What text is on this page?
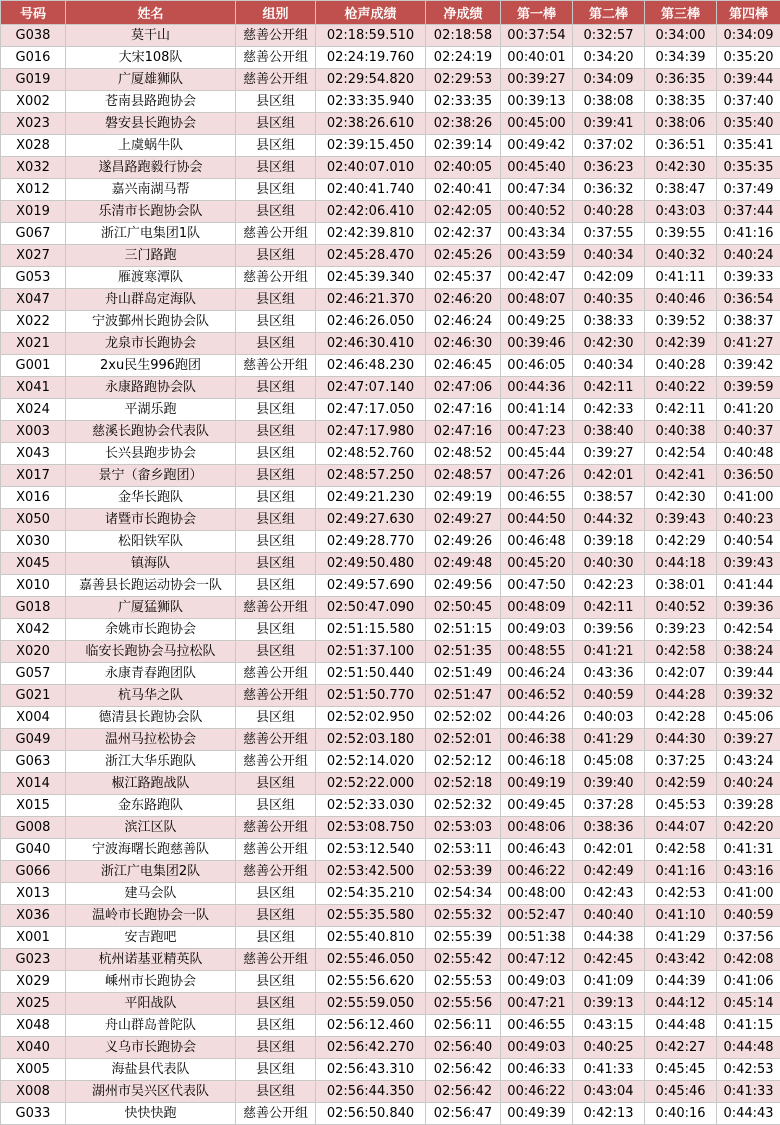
号码	姓名	组别	枪声成绩	净成绩	第一棒	第二棒	第三棒	第四棒
G038	莫干山	慈善公开组	02:18:59.510	02:18:58	00:37:54	0:32:57	0:34:00	0:34:09
G016	大宋108队	慈善公开组	02:24:19.760	02:24:19	00:40:01	0:34:20	0:34:39	0:35:20
G019	广厦雄狮队	慈善公开组	02:29:54.820	02:29:53	00:39:27	0:34:09	0:36:35	0:39:44
X002	苍南县路跑协会	县区组	02:33:35.940	02:33:35	00:39:13	0:38:08	0:38:35	0:37:40
X023	磐安县长跑协会	县区组	02:38:26.610	02:38:26	00:45:00	0:39:41	0:38:06	0:35:40
X028	上虞蜗牛队	县区组	02:39:15.450	02:39:14	00:49:42	0:37:02	0:36:51	0:35:41
X032	遂昌路跑毅行协会	县区组	02:40:07.010	02:40:05	00:45:40	0:36:23	0:42:30	0:35:35
X012	嘉兴南湖马帮	县区组	02:40:41.740	02:40:41	00:47:34	0:36:32	0:38:47	0:37:49
X019	乐清市长跑协会队	县区组	02:42:06.410	02:42:05	00:40:52	0:40:28	0:43:03	0:37:44
G067	浙江广电集团1队	慈善公开组	02:42:39.810	02:42:37	00:43:34	0:37:55	0:39:55	0:41:16
X027	三门路跑	县区组	02:45:28.470	02:45:26	00:43:59	0:40:34	0:40:32	0:40:24
G053	雁渡寒潭队	慈善公开组	02:45:39.340	02:45:37	00:42:47	0:42:09	0:41:11	0:39:33
X047	舟山群岛定海队	县区组	02:46:21.370	02:46:20	00:48:07	0:40:35	0:40:46	0:36:54
X022	宁波鄞州长跑协会队	县区组	02:46:26.050	02:46:24	00:49:25	0:38:33	0:39:52	0:38:37
X021	龙泉市长跑协会	县区组	02:46:30.410	02:46:30	00:39:46	0:42:30	0:42:39	0:41:27
G001	2xu民生996跑团	慈善公开组	02:46:48.230	02:46:45	00:46:05	0:40:34	0:40:28	0:39:42
X041	永康路跑协会队	县区组	02:47:07.140	02:47:06	00:44:36	0:42:11	0:40:22	0:39:59
X024	平湖乐跑	县区组	02:47:17.050	02:47:16	00:41:14	0:42:33	0:42:11	0:41:20
X003	慈溪长跑协会代表队	县区组	02:47:17.980	02:47:16	00:47:23	0:38:40	0:40:38	0:40:37
X043	长兴县跑步协会	县区组	02:48:52.760	02:48:52	00:45:44	0:39:27	0:42:54	0:40:48
X017	景宁（畲乡跑团）	县区组	02:48:57.250	02:48:57	00:47:26	0:42:01	0:42:41	0:36:50
X016	金华长跑队	县区组	02:49:21.230	02:49:19	00:46:55	0:38:57	0:42:30	0:41:00
X050	诸暨市长跑协会	县区组	02:49:27.630	02:49:27	00:44:50	0:44:32	0:39:43	0:40:23
X030	松阳铁军队	县区组	02:49:28.770	02:49:26	00:46:48	0:39:18	0:42:29	0:40:54
X045	镇海队	县区组	02:49:50.480	02:49:48	00:45:20	0:40:30	0:44:18	0:39:43
X010	嘉善县长跑运动协会一队	县区组	02:49:57.690	02:49:56	00:47:50	0:42:23	0:38:01	0:41:44
G018	广厦猛狮队	慈善公开组	02:50:47.090	02:50:45	00:48:09	0:42:11	0:40:52	0:39:36
X042	余姚市长跑协会	县区组	02:51:15.580	02:51:15	00:49:03	0:39:56	0:39:23	0:42:54
X020	临安长跑协会马拉松队	县区组	02:51:37.100	02:51:35	00:48:55	0:41:21	0:42:58	0:38:24
G057	永康青春跑团队	慈善公开组	02:51:50.440	02:51:49	00:46:24	0:43:36	0:42:07	0:39:44
G021	杭马华之队	慈善公开组	02:51:50.770	02:51:47	00:46:52	0:40:59	0:44:28	0:39:32
X004	德清县长跑协会队	县区组	02:52:02.950	02:52:02	00:44:26	0:40:03	0:42:28	0:45:06
G049	温州马拉松协会	慈善公开组	02:52:03.180	02:52:01	00:46:38	0:41:29	0:44:30	0:39:27
G063	浙江大华乐跑队	慈善公开组	02:52:14.020	02:52:12	00:46:18	0:45:08	0:37:25	0:43:24
X014	椒江路跑战队	县区组	02:52:22.000	02:52:18	00:49:19	0:39:40	0:42:59	0:40:24
X015	金东路跑队	县区组	02:52:33.030	02:52:32	00:49:45	0:37:28	0:45:53	0:39:28
G008	滨江区队	慈善公开组	02:53:08.750	02:53:03	00:48:06	0:38:36	0:44:07	0:42:20
G040	宁波海曙长跑慈善队	慈善公开组	02:53:12.540	02:53:11	00:46:43	0:42:01	0:42:58	0:41:31
G066	浙江广电集团2队	慈善公开组	02:53:42.500	02:53:39	00:46:22	0:42:49	0:41:16	0:43:16
X013	建马会队	县区组	02:54:35.210	02:54:34	00:48:00	0:42:43	0:42:53	0:41:00
X036	温岭市长跑协会一队	县区组	02:55:35.580	02:55:32	00:52:47	0:40:40	0:41:10	0:40:59
X001	安吉跑吧	县区组	02:55:40.810	02:55:39	00:51:38	0:44:38	0:41:29	0:37:56
G023	杭州诺基亚精英队	慈善公开组	02:55:46.050	02:55:42	00:47:12	0:42:45	0:43:42	0:42:08
X029	嵊州市长跑协会	县区组	02:55:56.620	02:55:53	00:49:03	0:41:09	0:44:39	0:41:06
X025	平阳战队	县区组	02:55:59.050	02:55:56	00:47:21	0:39:13	0:44:12	0:45:14
X048	舟山群岛普陀队	县区组	02:56:12.460	02:56:11	00:46:55	0:43:15	0:44:48	0:41:15
X040	义乌市长跑协会	县区组	02:56:42.270	02:56:40	00:49:03	0:40:25	0:42:27	0:44:48
X005	海盐县代表队	县区组	02:56:43.310	02:56:42	00:46:33	0:41:33	0:45:45	0:42:53
X008	湖州市吴兴区代表队	县区组	02:56:44.350	02:56:42	00:46:22	0:43:04	0:45:46	0:41:33
G033	快快快跑	慈善公开组	02:56:50.840	02:56:47	00:49:39	0:42:13	0:40:16	0:44:43
